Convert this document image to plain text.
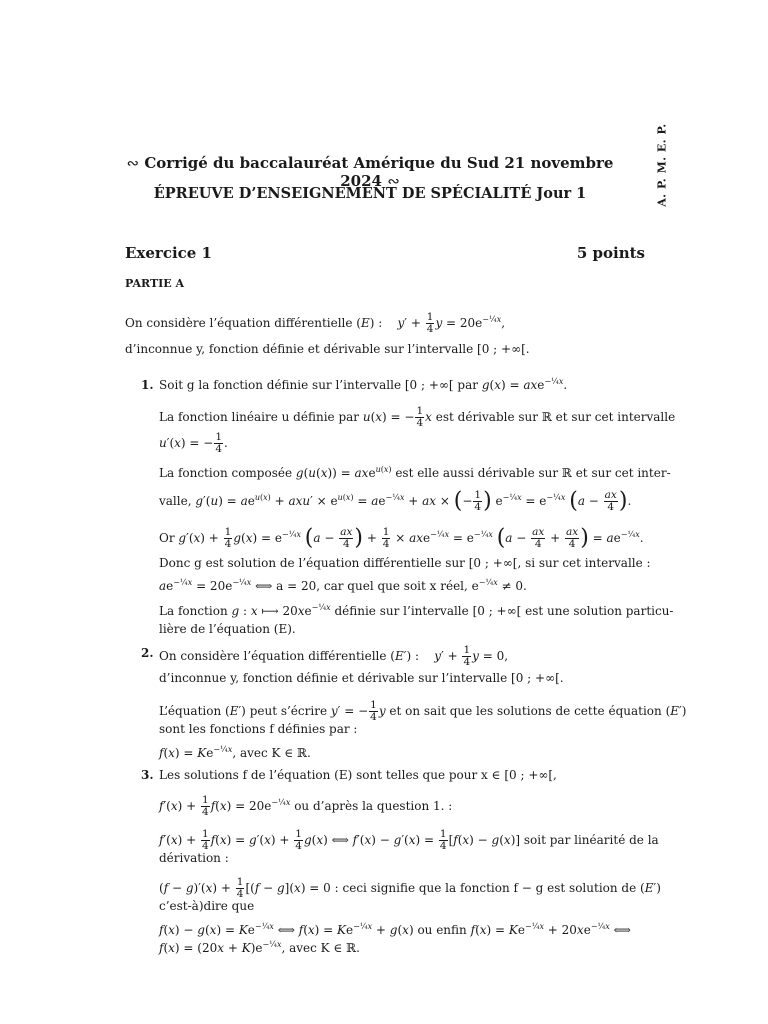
A. P. M. E. P.
∾ Corrigé du baccalauréat Amérique du Sud 21 novembre 2024 ∾
ÉPREUVE D’ENSEIGNEMENT DE SPÉCIALITÉ Jour 1
Exercice 1	5 points
PARTIE A
On considère l’équation différentielle (E) :    $y' + \frac{1}{4}$ $y = 20e^{-\frac{1}{4}x}$,
d’inconnue y, fonction définie et dérivable sur l’intervalle [0 ; +∞[.
1. Soit g la fonction définie sur l’intervalle [0 ; +∞[ par g(x) = axe$^{-\frac{1}{4}x}$.
La fonction linéaire u définie par u(x) = − $\frac{1}{4}$ x est dérivable sur ℝ et sur cet intervalle
u′(x) = − $\frac{1}{4}$ .
La fonction composée g(u(x)) = axe$^{u(x)}$ est elle aussi dérivable sur ℝ et sur cet inter-
valle, $g'(u) = ae^{u(x)} + axu' \times e^{u(x)} = ae^{-\frac{1}{4}x}$ + ax × (− $\frac{1}{4}$ ) $e^{-\frac{1}{4}x} = e^{-\frac{1}{4}x}$ ($a - \frac{ax}{4}$ ).
Or $g'(x) + \frac{1}{4} g(x) = e^{-\frac{1}{4}x}$ ($a - \frac{ax}{4}$ ) + $\frac{1}{4} \times axe^{-\frac{1}{4}x} = e^{-\frac{1}{4}x}$ ($a - \frac{ax}{4} + \frac{ax}{4}$ ) = $ae^{-\frac{1}{4}x}$.
Donc g est solution de l’équation différentielle sur [0 ; +∞[, si sur cet intervalle :
$ae^{-\frac{1}{4}x} = 20e^{-\frac{1}{4}x}$ ⟺ a = 20, car quel que soit x réel, $e^{-\frac{1}{4}x} \ne 0$.
La fonction g : x ⟼ $20xe^{-\frac{1}{4}x}$ définie sur l’intervalle [0 ; +∞[ est une solution particu-
lière de l’équation (E).
2. On considère l’équation différentielle (E′) :    $y' + \frac{1}{4}$ y = 0,
d’inconnue y, fonction définie et dérivable sur l’intervalle [0 ; +∞[.
L’équation (E′) peut s’écrire y′ = − $\frac{1}{4}$ y et on sait que les solutions de cette équation (E′)
sont les fonctions f définies par :
$f(x) = Ke^{-\frac{1}{4}x}$, avec K ∈ ℝ.
3. Les solutions f de l’équation (E) sont telles que pour x ∈ [0 ; +∞[,
$f'(x) + \frac{1}{4} f(x) = 20e^{-\frac{1}{4}x}$ ou d’après la question 1. :
$f'(x) + \frac{1}{4} f(x) = g'(x) + \frac{1}{4} g(x)$ ⟺ $f'(x) - g'(x) = \frac{1}{4} [f(x) - g(x)]$ soit par linéarité de la
dérivation :
$(f - g)'(x) + \frac{1}{4} [(f - g](x) = 0$ : ceci signifie que la fonction f − g est solution de (E′)
c’est-à)dire que
$f(x) - g(x) = Ke^{-\frac{1}{4}x}$ ⟺ $f(x) = Ke^{-\frac{1}{4}x} + g(x)$ ou enfin $f(x) = Ke^{-\frac{1}{4}x} + 20xe^{-\frac{1}{4}x}$ ⟺
$f(x) = (20x + K)e^{-\frac{1}{4}x}$, avec K ∈ ℝ.
